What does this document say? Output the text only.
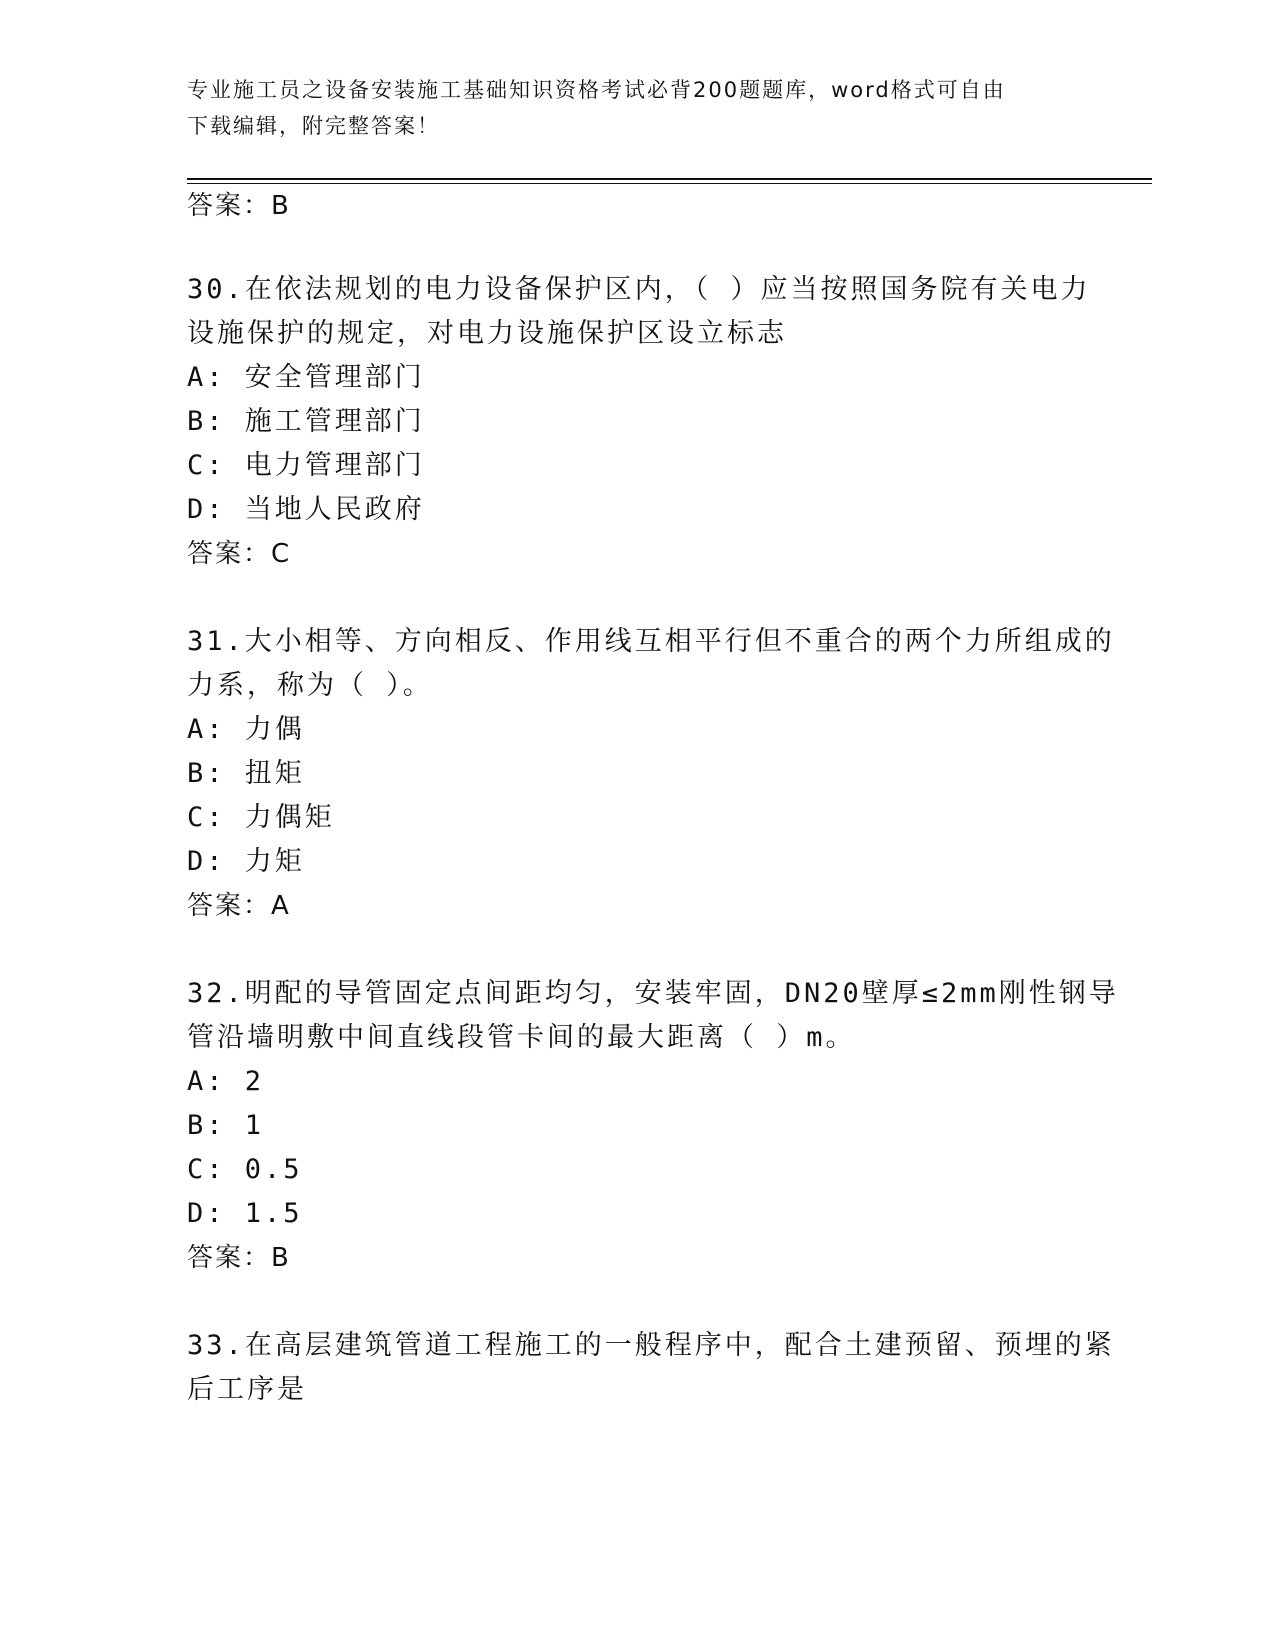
专业施工员之设备安装施工基础知识资格考试必背200题题库，word格式可自由
下载编辑，附完整答案！
答案：B
30.在依法规划的电力设备保护区内，（ ）应当按照国务院有关电力
设施保护的规定，对电力设施保护区设立标志
A: 安全管理部门
B: 施工管理部门
C: 电力管理部门
D: 当地人民政府
答案：C
31.大小相等、方向相反、作用线互相平行但不重合的两个力所组成的
力系，称为（ ）。
A: 力偶
B: 扭矩
C: 力偶矩
D: 力矩
答案：A
32.明配的导管固定点间距均匀，安装牢固，DN20壁厚≤2mm刚性钢导
管沿墙明敷中间直线段管卡间的最大距离（ ）m。
A: 2
B: 1
C: 0.5
D: 1.5
答案：B
33.在高层建筑管道工程施工的一般程序中，配合土建预留、预埋的紧
后工序是
